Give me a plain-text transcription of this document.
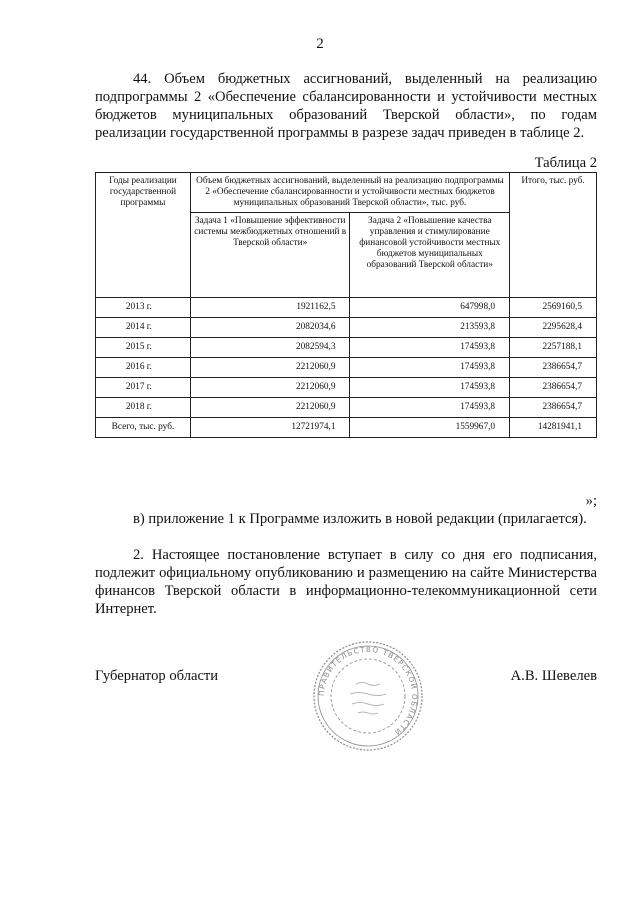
2
44. Объем бюджетных ассигнований, выделенный на реализацию подпрограммы 2 «Обеспечение сбалансированности и устойчивости местных бюджетов муниципальных образований Тверской области», по годам реализации государственной программы в разрезе задач приведен в таблице 2.
Таблица 2
Годы реализации государственной программы	Объем бюджетных ассигнований, выделенный на реализацию подпрограммы 2 «Обеспечение сбалансированности и устойчивости местных бюджетов муниципальных образований Тверской области», тыс. руб.		Итого, тыс. руб.
	Задача 1 «Повышение эффективности системы межбюджетных отношений в Тверской области»	Задача 2 «Повышение качества управления и стимулирование финансовой устойчивости местных бюджетов муниципальных образований Тверской области»	
2013 г.	1921162,5	647998,0	2569160,5
2014 г.	2082034,6	213593,8	2295628,4
2015 г.	2082594,3	174593,8	2257188,1
2016 г.	2212060,9	174593,8	2386654,7
2017 г.	2212060,9	174593,8	2386654,7
2018 г.	2212060,9	174593,8	2386654,7
Всего, тыс. руб.	12721974,1	1559967,0	14281941,1
»;
в) приложение 1 к Программе изложить в новой редакции (прилагается).
2. Настоящее постановление вступает в силу со дня его подписания, подлежит официальному опубликованию и размещению на сайте Министерства финансов Тверской области в информационно-телекоммуникационной сети Интернет.
Губернатор области
ПРАВИТЕЛЬСТВО ТВЕРСКОЙ ОБЛАСТИ
А.В. Шевелев
